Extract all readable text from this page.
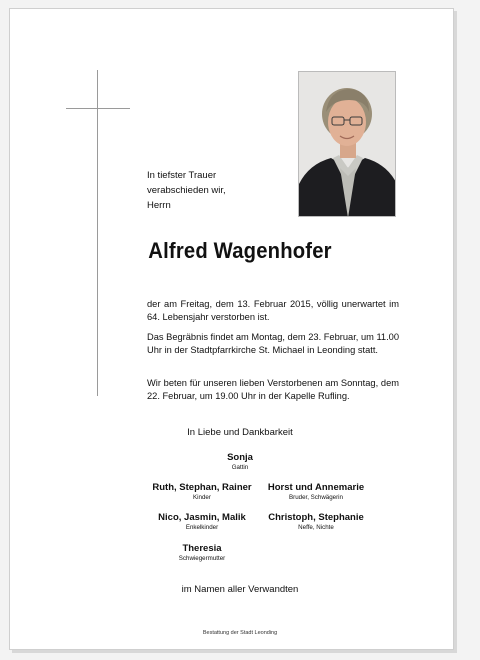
In tiefster Trauer
verabschieden wir,
Herrn
Alfred Wagenhofer
der am Freitag, dem 13. Februar 2015, völlig unerwartet im 64. Lebensjahr verstorben ist.
Das Begräbnis findet am Montag, dem 23. Februar, um 11.00 Uhr in der Stadtpfarrkirche St. Michael in Leonding statt.
Wir beten für unseren lieben Verstorbenen am Sonntag, dem 22. Februar, um 19.00 Uhr in der Kapelle Rufling.
In Liebe und Dankbarkeit
Sonja
Gattin
Ruth, Stephan, Rainer
Kinder
Horst und Annemarie
Bruder, Schwägerin
Nico, Jasmin, Malik
Enkelkinder
Christoph, Stephanie
Neffe, Nichte
Theresia
Schwiegermutter
im Namen aller Verwandten
Bestattung der Stadt Leonding
